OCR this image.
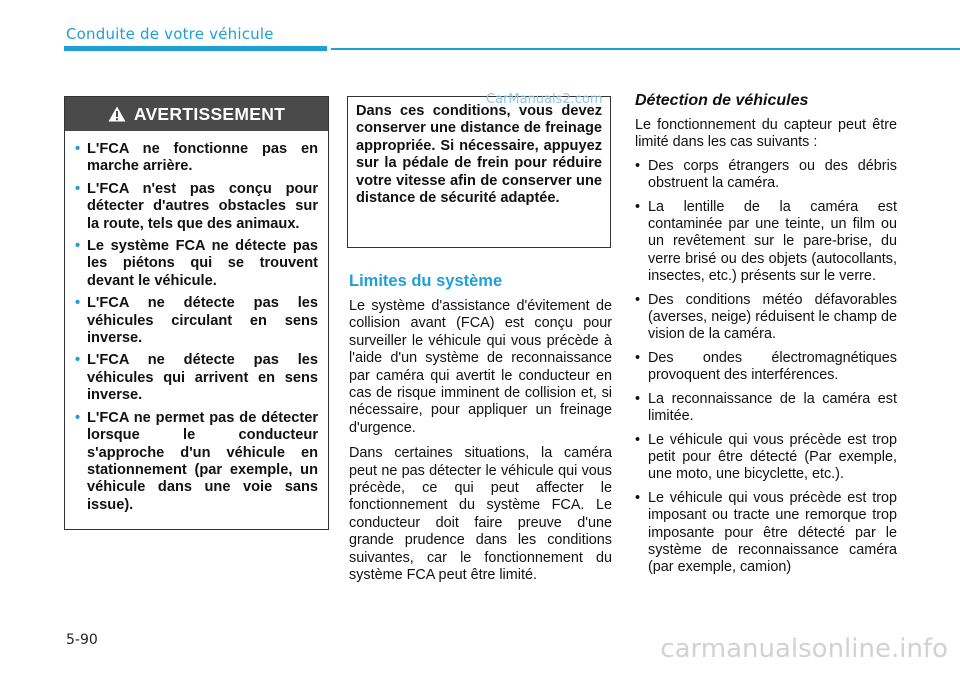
Conduite de votre véhicule
AVERTISSEMENT
• L'FCA ne fonctionne pas en marche arrière.
• L'FCA n'est pas conçu pour détecter d'autres obstacles sur la route, tels que des animaux.
• Le système FCA ne détecte pas les piétons qui se trouvent devant le véhicule.
• L'FCA ne détecte pas les véhicules circulant en sens inverse.
• L'FCA ne détecte pas les véhicules qui arrivent en sens inverse.
• L'FCA ne permet pas de détecter lorsque le conducteur s'approche d'un véhicule en stationnement (par exemple, un véhicule dans une voie sans issue).

Dans ces conditions, vous devez conserver une distance de freinage appropriée. Si nécessaire, appuyez sur la pédale de frein pour réduire votre vitesse afin de conserver une distance de sécurité adaptée.

CarManuals2.com
Limites du système

Le système d'assistance d'évitement de collision avant (FCA) est conçu pour surveiller le véhicule qui vous précède à l'aide d'un système de reconnaissance par caméra qui avertit le conducteur en cas de risque imminent de collision et, si nécessaire, pour appliquer un freinage d'urgence.

Dans certaines situations, la caméra peut ne pas détecter le véhicule qui vous précède, ce qui peut affecter le fonctionnement du système FCA. Le conducteur doit faire preuve d'une grande prudence dans les conditions suivantes, car le fonctionnement du système FCA peut être limité.

Détection de véhicules

Le fonctionnement du capteur peut être limité dans les cas suivants :

• Des corps étrangers ou des débris obstruent la caméra.
• La lentille de la caméra est contaminée par une teinte, un film ou un revêtement sur le pare-brise, du verre brisé ou des objets (autocollants, insectes, etc.) présents sur le verre.
• Des conditions météo défavorables (averses, neige) réduisent le champ de vision de la caméra.
• Des ondes électromagnétiques provoquent des interférences.
• La reconnaissance de la caméra est limitée.
• Le véhicule qui vous précède est trop petit pour être détecté (Par exemple, une moto, une bicyclette, etc.).
• Le véhicule qui vous précède est trop imposant ou tracte une remorque trop imposante pour être détecté par le système de reconnaissance caméra (par exemple, camion)
5-90	carmanualsonline.info
